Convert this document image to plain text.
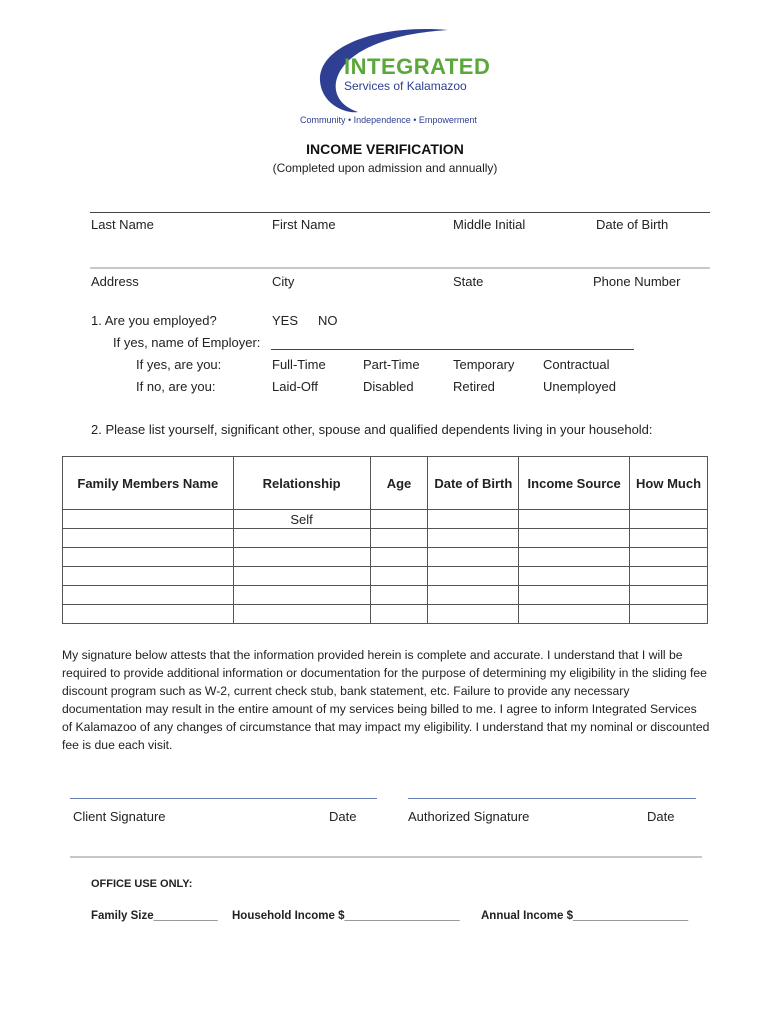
INTEGRATED
Services of Kalamazoo
Community • Independence • Empowerment
INCOME VERIFICATION
(Completed upon admission and annually)
Last Name	First Name	Middle Initial	Date of Birth
Address	City	State	Phone Number
1. Are you employed?	YES NO
If yes, name of Employer:
If yes, are you:	Full-Time	Part-Time	Temporary Contractual
If no, are you:	Laid-Off	Disabled	Retired	Unemployed
2. Please list yourself, significant other, spouse and qualified dependents living in your household:
Family Members Name	Relationship	Age	Date of Birth	Income Source	How Much
	Self				

My signature below attests that the information provided herein is complete and accurate. I understand that I will be required to provide additional information or documentation for the purpose of determining my eligibility in the sliding fee discount program such as W-2, current check stub, bank statement, etc. Failure to provide any necessary documentation may result in the entire amount of my services being billed to me. I agree to inform Integrated Services of Kalamazoo of any changes of circumstance that may impact my eligibility. I understand that my nominal or discounted fee is due each visit.
Client Signature	Date	Authorized Signature	Date
OFFICE USE ONLY:
Family Size__________ Household Income $__________________ Annual Income $__________________
